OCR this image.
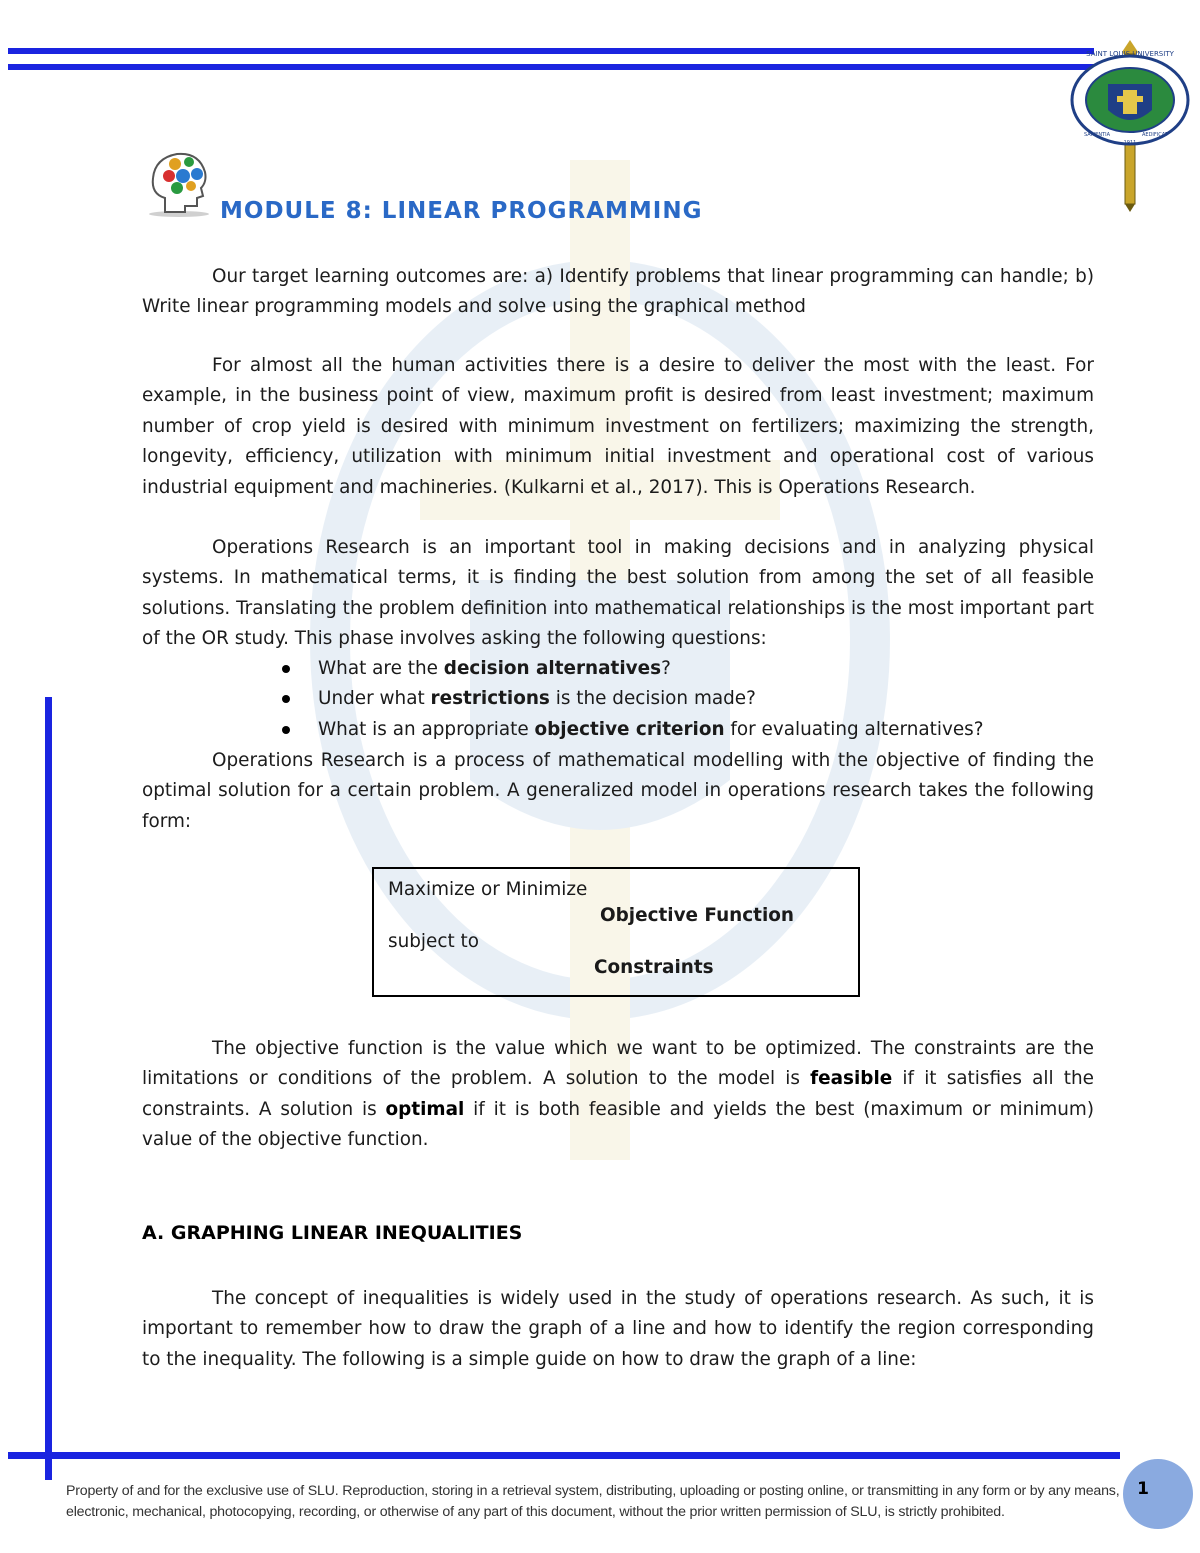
SAINT LOUIS UNIVERSITY
SAPIENTIA	AEDIFICAT
1911
MODULE 8: LINEAR PROGRAMMING

Our target learning outcomes are: a) Identify problems that linear programming can handle; b) Write linear programming models and solve using the graphical method

For almost all the human activities there is a desire to deliver the most with the least. For example, in the business point of view, maximum profit is desired from least investment; maximum number of crop yield is desired with minimum investment on fertilizers; maximizing the strength, longevity, efficiency, utilization with minimum initial investment and operational cost of various industrial equipment and machineries. (Kulkarni et al., 2017). This is Operations Research.

Operations Research is an important tool in making decisions and in analyzing physical systems. In mathematical terms, it is finding the best solution from among the set of all feasible solutions. Translating the problem definition into mathematical relationships is the most important part of the OR study. This phase involves asking the following questions:

What are the decision alternatives?
Under what restrictions is the decision made?
What is an appropriate objective criterion for evaluating alternatives?

Operations Research is a process of mathematical modelling with the objective of finding the optimal solution for a certain problem. A generalized model in operations research takes the following form:

Maximize or Minimize
Objective Function
subject to
Constraints

The objective function is the value which we want to be optimized. The constraints are the limitations or conditions of the problem. A solution to the model is feasible if it satisfies all the constraints. A solution is optimal if it is both feasible and yields the best (maximum or minimum) value of the objective function.

A. GRAPHING LINEAR INEQUALITIES

The concept of inequalities is widely used in the study of operations research. As such, it is important to remember how to draw the graph of a line and how to identify the region corresponding to the inequality. The following is a simple guide on how to draw the graph of a line:

Property of and for the exclusive use of SLU. Reproduction, storing in a retrieval system, distributing, uploading or posting online, or transmitting in any form or by any means, electronic, mechanical, photocopying, recording, or otherwise of any part of this document, without the prior written permission of SLU, is strictly prohibited.

1
